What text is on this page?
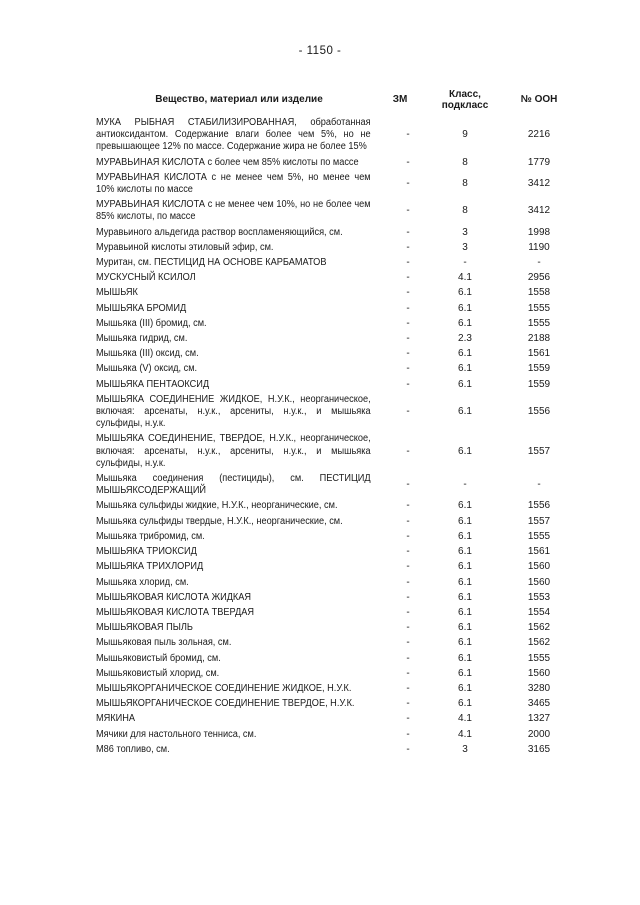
- 1150 -
Вещество, материал или изделие	ЗМ	Класс, подкласс	№ ООН

МУКА РЫБНАЯ СТАБИЛИЗИРОВАННАЯ, обработанная антиоксидантом. Содержание влаги более чем 5%, но не превышающее 12% по массе. Содержание жира не более 15%	-	9	2216

МУРАВЬИНАЯ КИСЛОТА с более чем 85% кислоты по массе	-	8	1779

МУРАВЬИНАЯ КИСЛОТА с не менее чем 5%, но менее чем 10% кислоты по массе	-	8	3412

МУРАВЬИНАЯ КИСЛОТА с не менее чем 10%, но не более чем 85% кислоты, по массе	-	8	3412

Муравьиного альдегида раствор воспламеняющийся, см.	-	3	1998

Муравьиной кислоты этиловый эфир, см.	-	3	1190

Муритан, см. ПЕСТИЦИД НА ОСНОВЕ КАРБАМАТОВ	-	-	-

МУСКУСНЫЙ КСИЛОЛ	-	4.1	2956

МЫШЬЯК	-	6.1	1558

МЫШЬЯКА БРОМИД	-	6.1	1555

Мышьяка (III) бромид, см.	-	6.1	1555

Мышьяка гидрид, см.	-	2.3	2188

Мышьяка (III) оксид, см.	-	6.1	1561

Мышьяка (V) оксид, см.	-	6.1	1559

МЫШЬЯКА ПЕНТАОКСИД	-	6.1	1559

МЫШЬЯКА СОЕДИНЕНИЕ ЖИДКОЕ, Н.У.К., неорганическое, включая: арсенаты, н.у.к., арсениты, н.у.к., и мышьяка сульфиды, н.у.к.	-	6.1	1556

МЫШЬЯКА СОЕДИНЕНИЕ, ТВЕРДОЕ, Н.У.К., неорганическое, включая: арсенаты, н.у.к., арсениты, н.у.к., и мышьяка сульфиды, н.у.к.	-	6.1	1557

Мышьяка соединения (пестициды), см. ПЕСТИЦИД МЫШЬЯКСОДЕРЖАЩИЙ	-	-	-

Мышьяка сульфиды жидкие, Н.У.К., неорганические, см.	-	6.1	1556

Мышьяка сульфиды твердые, Н.У.К., неорганические, см.	-	6.1	1557

Мышьяка трибромид, см.	-	6.1	1555

МЫШЬЯКА ТРИОКСИД	-	6.1	1561

МЫШЬЯКА ТРИХЛОРИД	-	6.1	1560

Мышьяка хлорид, см.	-	6.1	1560

МЫШЬЯКОВАЯ КИСЛОТА ЖИДКАЯ	-	6.1	1553

МЫШЬЯКОВАЯ КИСЛОТА ТВЕРДАЯ	-	6.1	1554

МЫШЬЯКОВАЯ ПЫЛЬ	-	6.1	1562

Мышьяковая пыль зольная, см.	-	6.1	1562

Мышьяковистый бромид, см.	-	6.1	1555

Мышьяковистый хлорид, см.	-	6.1	1560

МЫШЬЯКОРГАНИЧЕСКОЕ СОЕДИНЕНИЕ ЖИДКОЕ, Н.У.К.	-	6.1	3280

МЫШЬЯКОРГАНИЧЕСКОЕ СОЕДИНЕНИЕ ТВЕРДОЕ, Н.У.К.	-	6.1	3465

МЯКИНА	-	4.1	1327

Мячики для настольного тенниса, см.	-	4.1	2000

М86 топливо, см.	-	3	3165
